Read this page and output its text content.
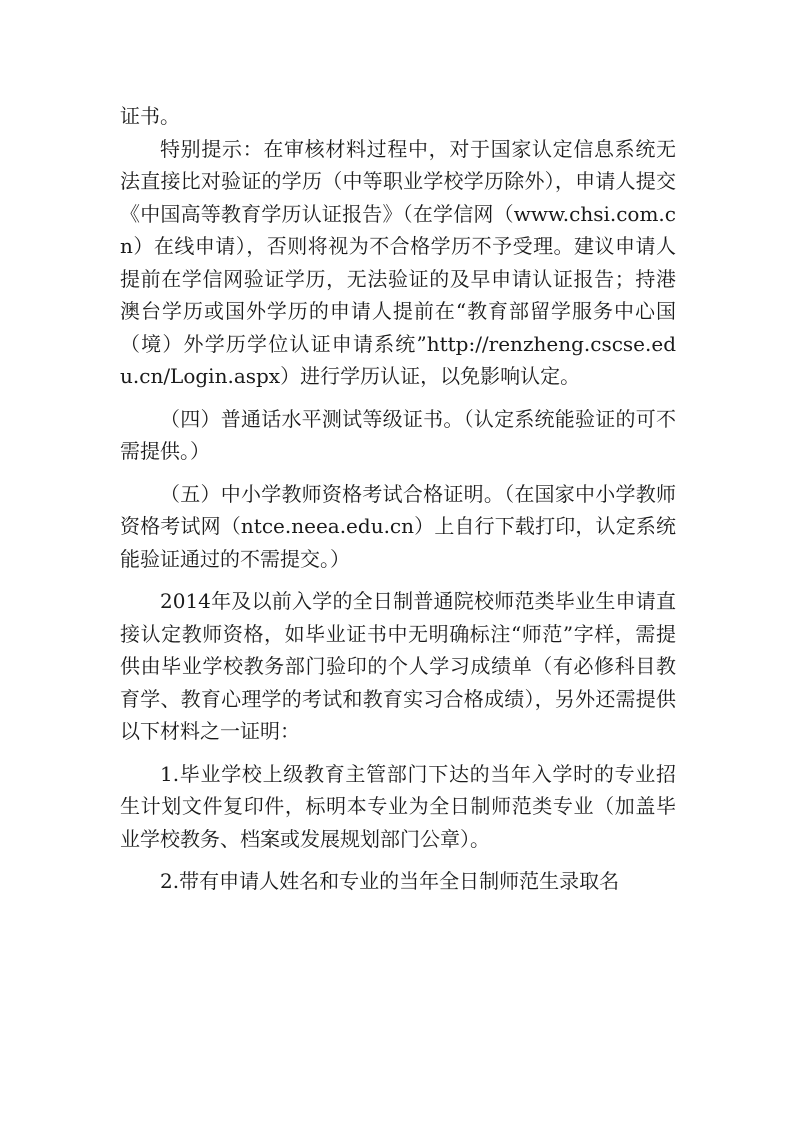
证书。

特别提示：在审核材料过程中，对于国家认定信息系统无法直接比对验证的学历（中等职业学校学历除外），申请人提交《中国高等教育学历认证报告》（在学信网（www.chsi.com.cn）在线申请），否则将视为不合格学历不予受理。建议申请人提前在学信网验证学历，无法验证的及早申请认证报告；持港澳台学历或国外学历的申请人提前在“教育部留学服务中心国（境）外学历学位认证申请系统”http://renzheng.cscse.edu.cn/Login.aspx）进行学历认证，以免影响认定。

（四）普通话水平测试等级证书。（认定系统能验证的可不需提供。）

（五）中小学教师资格考试合格证明。（在国家中小学教师资格考试网（ntce.neea.edu.cn）上自行下载打印，认定系统能验证通过的不需提交。）

2014年及以前入学的全日制普通院校师范类毕业生申请直接认定教师资格，如毕业证书中无明确标注“师范”字样，需提供由毕业学校教务部门验印的个人学习成绩单（有必修科目教育学、教育心理学的考试和教育实习合格成绩），另外还需提供以下材料之一证明：

1.毕业学校上级教育主管部门下达的当年入学时的专业招生计划文件复印件，标明本专业为全日制师范类专业（加盖毕业学校教务、档案或发展规划部门公章）。

2.带有申请人姓名和专业的当年全日制师范生录取名
